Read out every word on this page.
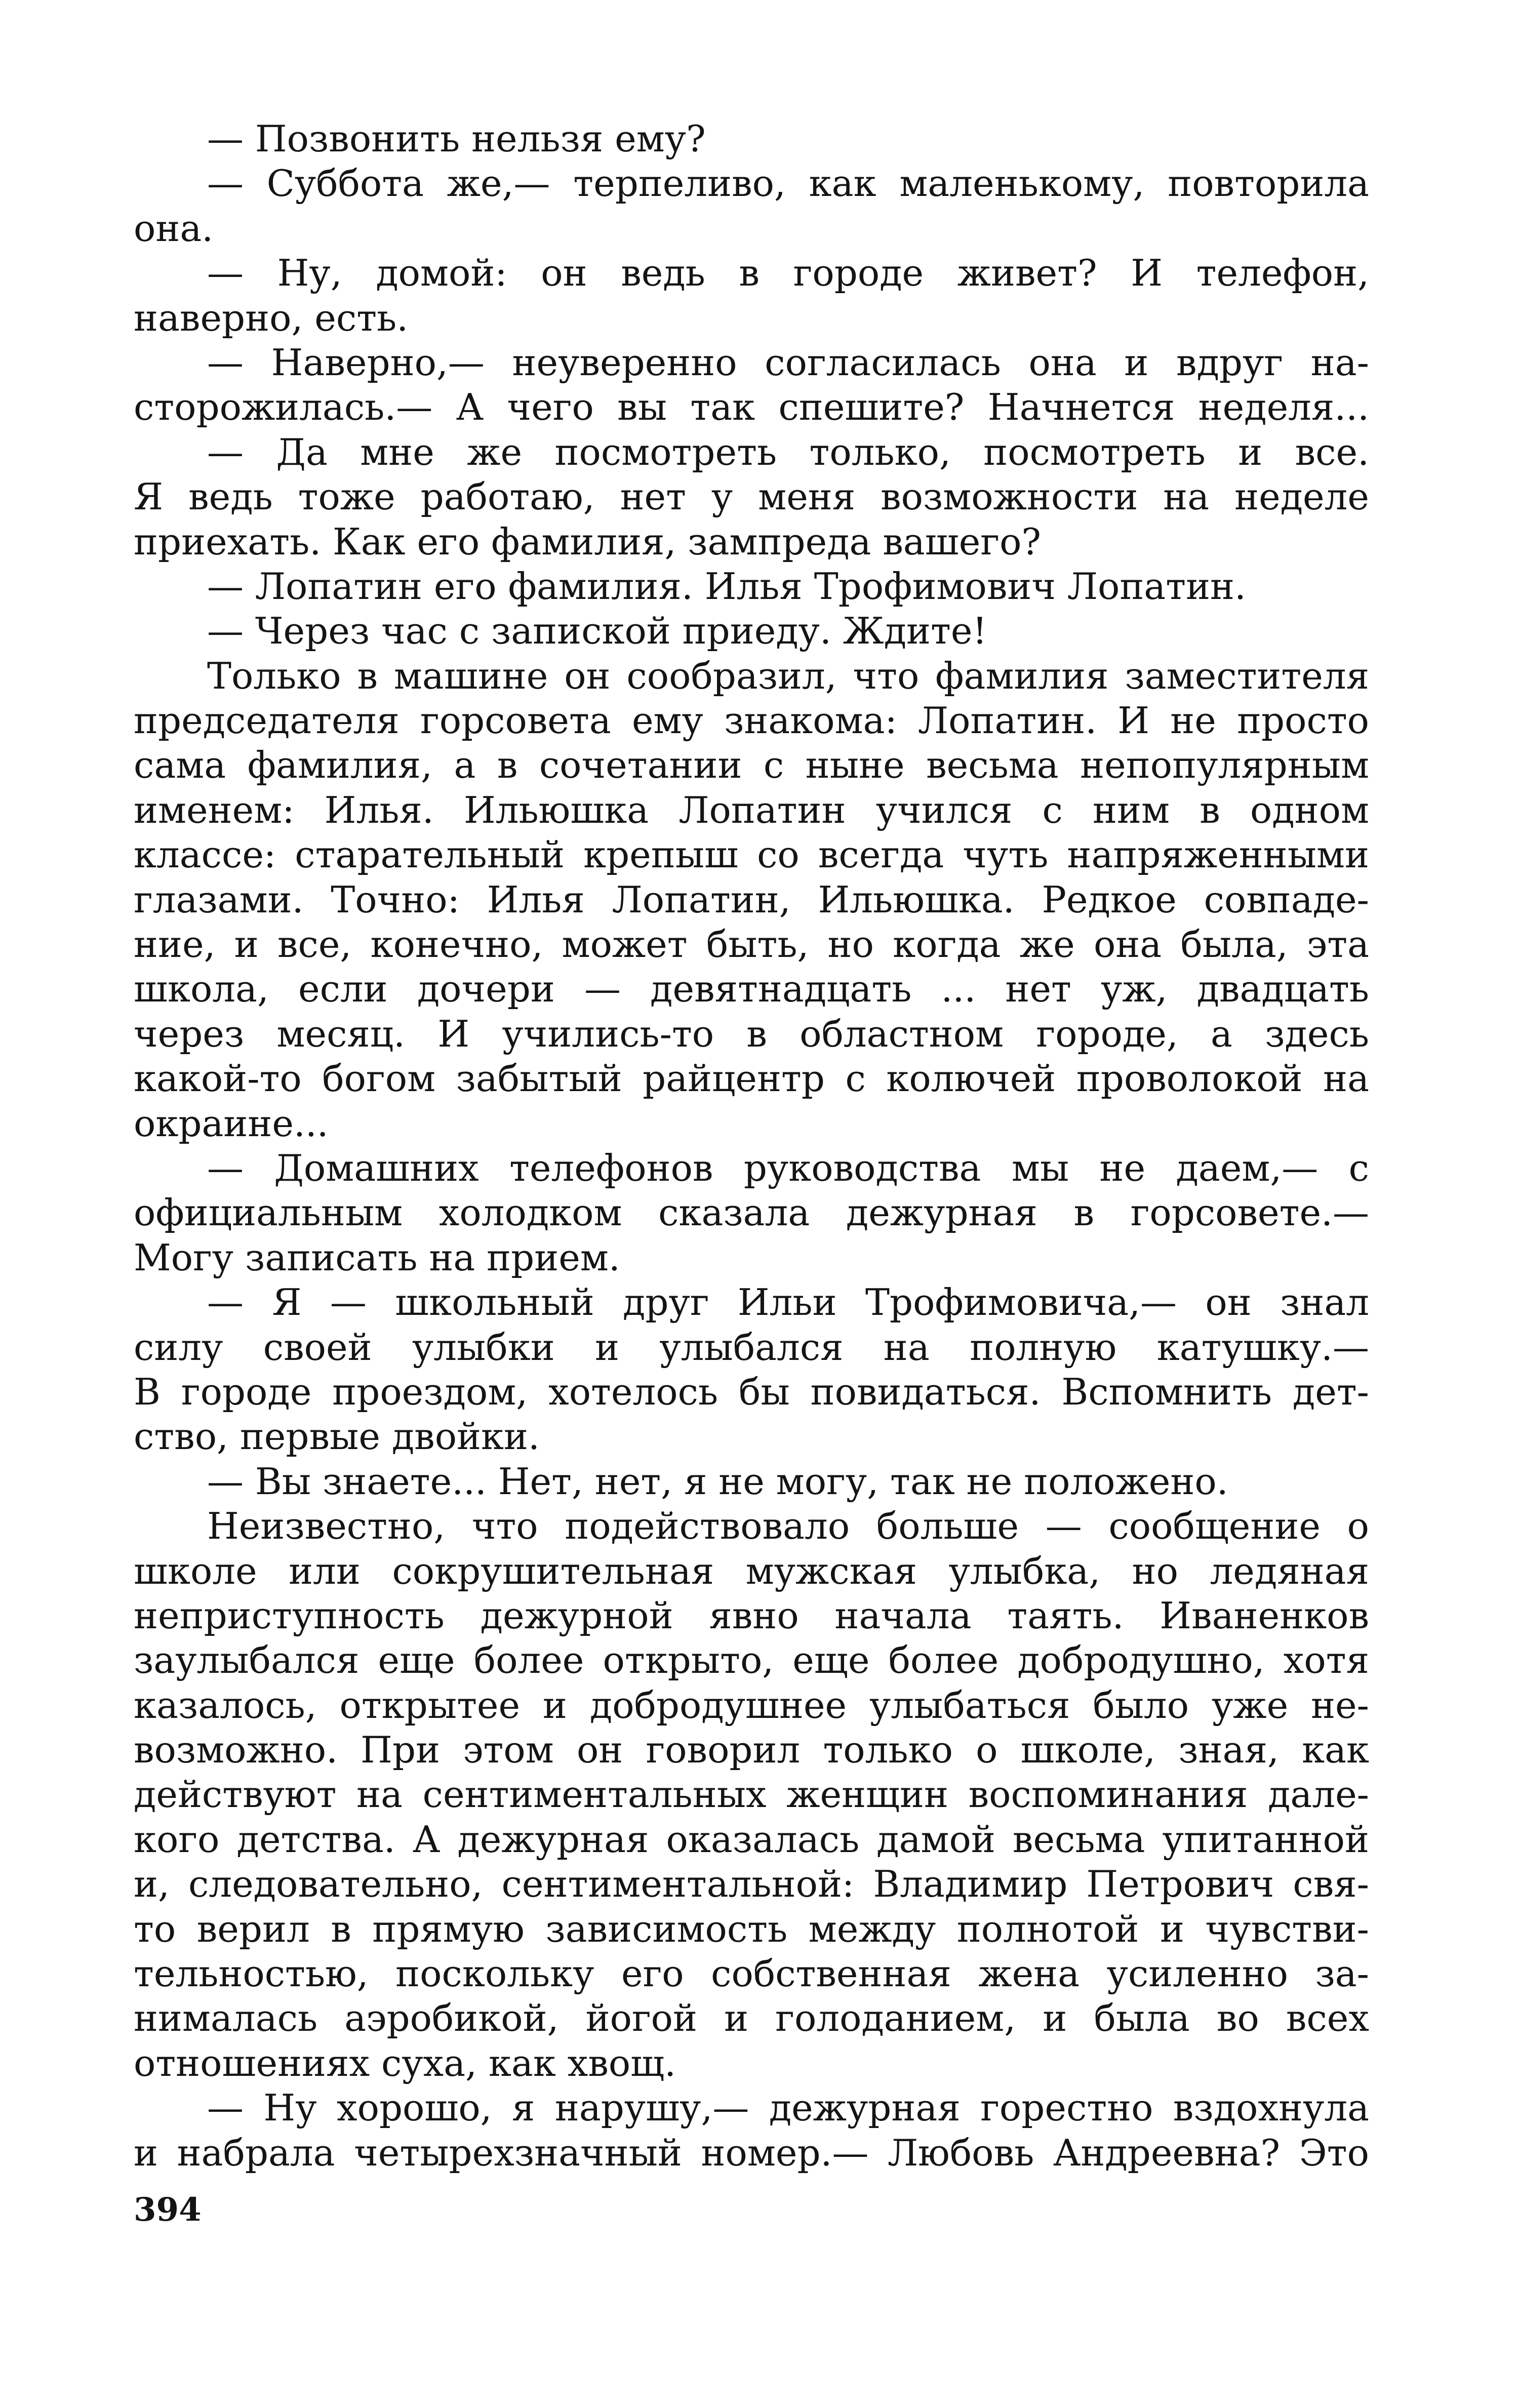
— Позвонить нельзя ему?
— Суббота же,— терпеливо, как маленькому, повторила
она.
— Ну, домой: он ведь в городе живет? И телефон,
наверно, есть.
— Наверно,— неуверенно согласилась она и вдруг на-
сторожилась.— А чего вы так спешите? Начнется неделя...
— Да мне же посмотреть только, посмотреть и все.
Я ведь тоже работаю, нет у меня возможности на неделе
приехать. Как его фамилия, зампреда вашего?
— Лопатин его фамилия. Илья Трофимович Лопатин.
— Через час с запиской приеду. Ждите!
Только в машине он сообразил, что фамилия заместителя
председателя горсовета ему знакома: Лопатин. И не просто
сама фамилия, а в сочетании с ныне весьма непопулярным
именем: Илья. Ильюшка Лопатин учился с ним в одном
классе: старательный крепыш со всегда чуть напряженными
глазами. Точно: Илья Лопатин, Ильюшка. Редкое совпаде-
ние, и все, конечно, может быть, но когда же она была, эта
школа, если дочери — девятнадцать ... нет уж, двадцать
через месяц. И учились-то в областном городе, а здесь
какой-то богом забытый райцентр с колючей проволокой на
окраине...
— Домашних телефонов руководства мы не даем,— с
официальным холодком сказала дежурная в горсовете.—
Могу записать на прием.
— Я — школьный друг Ильи Трофимовича,— он знал
силу своей улыбки и улыбался на полную катушку.—
В городе проездом, хотелось бы повидаться. Вспомнить дет-
ство, первые двойки.
— Вы знаете... Нет, нет, я не могу, так не положено.
Неизвестно, что подействовало больше — сообщение о
школе или сокрушительная мужская улыбка, но ледяная
неприступность дежурной явно начала таять. Иваненков
заулыбался еще более открыто, еще более добродушно, хотя
казалось, открытее и добродушнее улыбаться было уже не-
возможно. При этом он говорил только о школе, зная, как
действуют на сентиментальных женщин воспоминания дале-
кого детства. А дежурная оказалась дамой весьма упитанной
и, следовательно, сентиментальной: Владимир Петрович свя-
то верил в прямую зависимость между полнотой и чувстви-
тельностью, поскольку его собственная жена усиленно за-
нималась аэробикой, йогой и голоданием, и была во всех
отношениях суха, как хвощ.
— Ну хорошо, я нарушу,— дежурная горестно вздохнула
и набрала четырехзначный номер.— Любовь Андреевна? Это
394
